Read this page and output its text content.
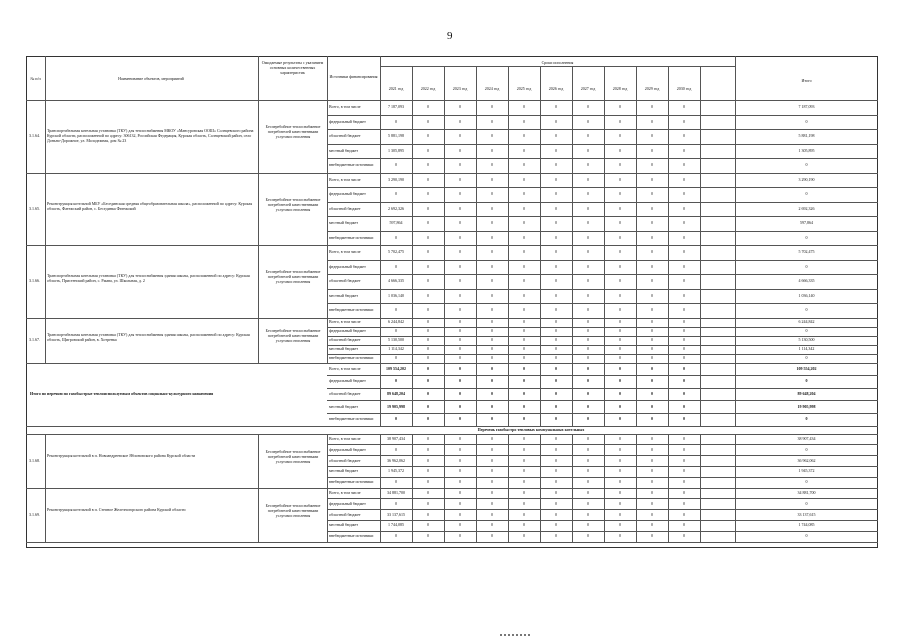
9
№ п/п	Наименование объектов, мероприятий
Ожидаемые результаты с указанием основных количественных характеристик
Источники финансирования
Сроки исполнения
2021 год	2022 год	2023 год	2024 год	2025 год	2026 год	2027 год	2028 год	2029 год	2030 год
Итого
3.1.64.
Транспортабельная котельная установка (ТКУ) для теплоснабжения МКОУ «Мансуровская ООШ» Солнцевского района Курской области, расположенной по адресу: 306132, Российская Федерация, Курская область, Солнцевский район, село Доньно-Дорожное, ул. Молодежная, дом № 23
Бесперебойное теплоснабжение потребителей качественными услугами отопления
Всего, в том числе	7 187,093	0	0	0	0	0	0	0	0	0	7 187,093
федеральный бюджет	0	0	0	0	0	0	0	0	0	0	0
областной бюджет	5 881,198	0	0	0	0	0	0	0	0	0	5 881,198
местный бюджет	1 305,895	0	0	0	0	0	0	0	0	0	1 305,895
внебюджетные источники	0	0	0	0	0	0	0	0	0	0	0
3.1.65.
Реконструкция котельной МБУ «Бесединская средняя общеобразовательная школа», расположенной по адресу: Курская область, Фатежский район, с. Бесединка Фатежский
Бесперебойное теплоснабжение потребителей качественными услугами отопления
Всего, в том числе	3 290,190	0	0	0	0	0	0	0	0	0	3 290,190
федеральный бюджет	0	0	0	0	0	0	0	0	0	0	0
областной бюджет	2 692,326	0	0	0	0	0	0	0	0	0	2 692,326
местный бюджет	597,864	0	0	0	0	0	0	0	0	0	597,864
внебюджетные источники	0	0	0	0	0	0	0	0	0	0	0
3.1.66.
Транспортабельная котельная установка (ТКУ) для теплоснабжения здания школы, расположенной по адресу: Курская область, Пристенский район, с. Ржава, ул. Школьная, д. 2
Бесперебойное теплоснабжение потребителей качественными услугами отопления
Всего, в том числе	5 702,475	0	0	0	0	0	0	0	0	0	5 702,475
федеральный бюджет	0	0	0	0	0	0	0	0	0	0	0
областной бюджет	4 666,335	0	0	0	0	0	0	0	0	0	4 666,335
местный бюджет	1 036,140	0	0	0	0	0	0	0	0	0	1 036,140
внебюджетные источники	0	0	0	0	0	0	0	0	0	0	0
3.1.67.
Транспортабельная котельная установка (ТКУ) для теплоснабжения здания школы, расположенной по адресу: Курская область, Щигровский район, в. Хотренка
Бесперебойное теплоснабжение потребителей качественными услугами отопления
Всего, в том числе	6 244,842	0	0	0	0	0	0	0	0	0	6 244,842
федеральный бюджет	0	0	0	0	0	0	0	0	0	0	0
областной бюджет	5 130,500	0	0	0	0	0	0	0	0	0	5 130,500
местный бюджет	1 114,342	0	0	0	0	0	0	0	0	0	1 114,342
внебюджетные источники	0	0	0	0	0	0	0	0	0	0	0
Итого по перечню по газобыстрые теплоиспользуемым объектов социально-культурного назначения
Всего, в том числе	109 554,202	0	0	0	0	0	0	0	0	0	109 554,202
федеральный бюджет	0	0	0	0	0	0	0	0	0	0	0
областной бюджет	89 648,204	0	0	0	0	0	0	0	0	0	89 648,204
местный бюджет	19 905,998	0	0	0	0	0	0	0	0	0	19 905,998
внебюджетные источники	0	0	0	0	0	0	0	0	0	0	0
Перечень газобыстро тепловых коммунальных котельных
3.1.68.
Реконструкция котельной в п. Новоандреевское Яблоновского района Курской области
Бесперебойное теплоснабжение потребителей качественными услугами отопления
Всего, в том числе	38 907,434	0	0	0	0	0	0	0	0	0	38 907,434
федеральный бюджет	0	0	0	0	0	0	0	0	0	0	0
областной бюджет	36 962,062	0	0	0	0	0	0	0	0	0	36 962,062
местный бюджет	1 945,372	0	0	0	0	0	0	0	0	0	1 945,372
внебюджетные источники	0	0	0	0	0	0	0	0	0	0	0
3.1.69.
Реконструкция котельной в п. Степное Железногорского района Курской области
Бесперебойное теплоснабжение потребителей качественными услугами отопления
Всего, в том числе	34 881,700	0	0	0	0	0	0	0	0	0	34 881,700
федеральный бюджет	0	0	0	0	0	0	0	0	0	0	0
областной бюджет	33 137,615	0	0	0	0	0	0	0	0	0	33 137,615
местный бюджет	1 744,085	0	0	0	0	0	0	0	0	0	1 744,085
внебюджетные источники	0	0	0	0	0	0	0	0	0	0	0
